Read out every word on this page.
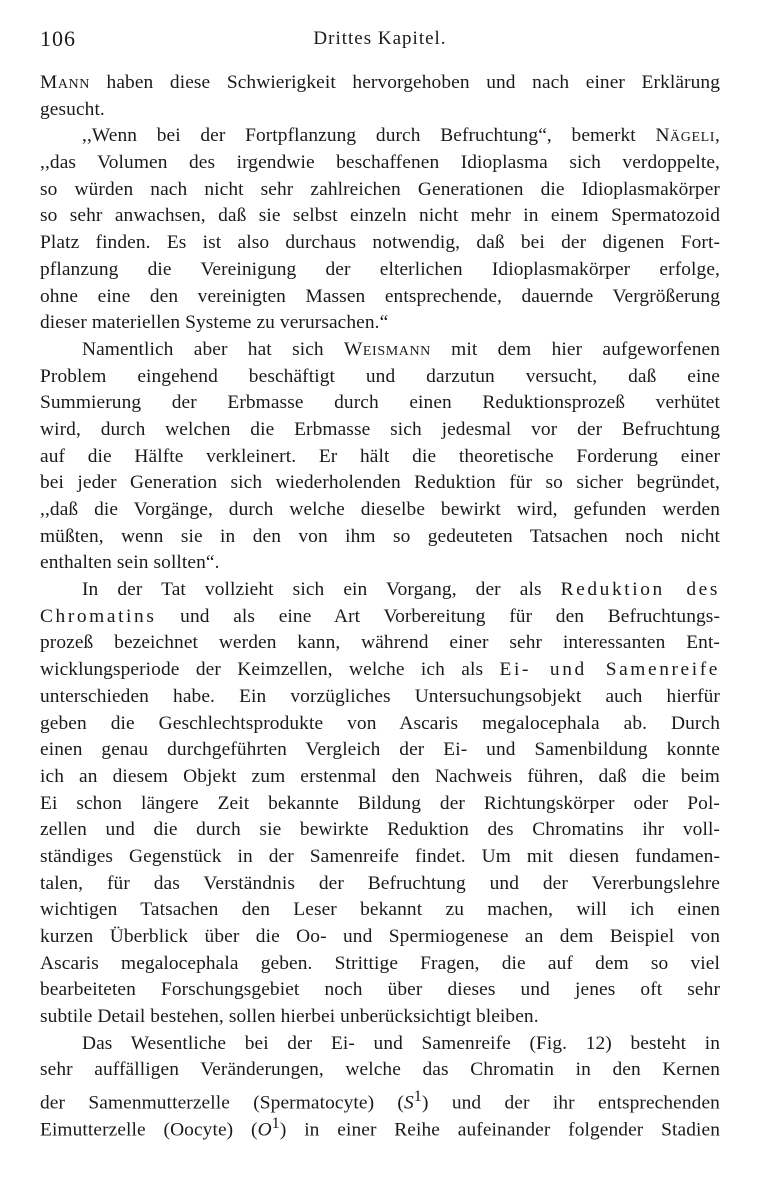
106	Drittes Kapitel.
Mann haben diese Schwierigkeit hervorgehoben und nach einer Erklärung
gesucht.
,,Wenn bei der Fortpflanzung durch Befruchtung“, bemerkt Nägeli,
,,das Volumen des irgendwie beschaffenen Idioplasma sich verdoppelte,
so würden nach nicht sehr zahlreichen Generationen die Idioplasmakörper
so sehr anwachsen, daß sie selbst einzeln nicht mehr in einem Spermatozoid
Platz finden. Es ist also durchaus notwendig, daß bei der digenen Fort-
pflanzung die Vereinigung der elterlichen Idioplasmakörper erfolge,
ohne eine den vereinigten Massen entsprechende, dauernde Vergrößerung
dieser materiellen Systeme zu verursachen.“
Namentlich aber hat sich Weismann mit dem hier aufgeworfenen
Problem eingehend beschäftigt und darzutun versucht, daß eine
Summierung der Erbmasse durch einen Reduktionsprozeß verhütet
wird, durch welchen die Erbmasse sich jedesmal vor der Befruchtung
auf die Hälfte verkleinert. Er hält die theoretische Forderung einer
bei jeder Generation sich wiederholenden Reduktion für so sicher begründet,
,,daß die Vorgänge, durch welche dieselbe bewirkt wird, gefunden werden
müßten, wenn sie in den von ihm so gedeuteten Tatsachen noch nicht
enthalten sein sollten“.
In der Tat vollzieht sich ein Vorgang, der als Reduktion des
Chromatins und als eine Art Vorbereitung für den Befruchtungs-
prozeß bezeichnet werden kann, während einer sehr interessanten Ent-
wicklungsperiode der Keimzellen, welche ich als Ei- und Samenreife
unterschieden habe. Ein vorzügliches Untersuchungsobjekt auch hierfür
geben die Geschlechtsprodukte von Ascaris megalocephala ab. Durch
einen genau durchgeführten Vergleich der Ei- und Samenbildung konnte
ich an diesem Objekt zum erstenmal den Nachweis führen, daß die beim
Ei schon längere Zeit bekannte Bildung der Richtungskörper oder Pol-
zellen und die durch sie bewirkte Reduktion des Chromatins ihr voll-
ständiges Gegenstück in der Samenreife findet. Um mit diesen fundamen-
talen, für das Verständnis der Befruchtung und der Vererbungslehre
wichtigen Tatsachen den Leser bekannt zu machen, will ich einen
kurzen Überblick über die Oo- und Spermiogenese an dem Beispiel von
Ascaris megalocephala geben. Strittige Fragen, die auf dem so viel
bearbeiteten Forschungsgebiet noch über dieses und jenes oft sehr
subtile Detail bestehen, sollen hierbei unberücksichtigt bleiben.
Das Wesentliche bei der Ei- und Samenreife (Fig. 12) besteht in
sehr auffälligen Veränderungen, welche das Chromatin in den Kernen
der Samenmutterzelle (Spermatocyte) $(S^1)$ und der ihr entsprechenden
Eimutterzelle (Oocyte) $(O^1)$ in einer Reihe aufeinander folgender Stadien
